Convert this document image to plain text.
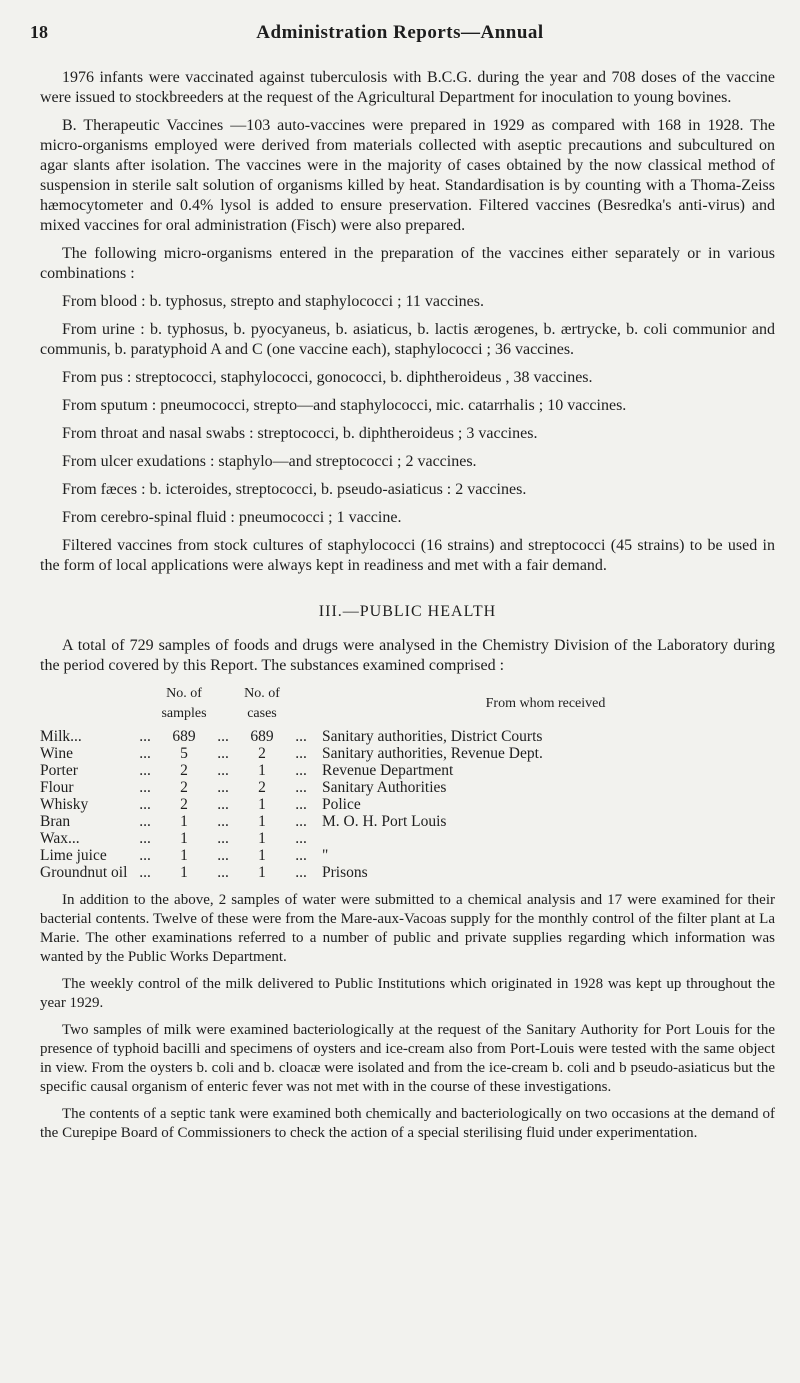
18	Administration Reports—Annual

1976 infants were vaccinated against tuberculosis with B.C.G. during the year and 708 doses of the vaccine were issued to stockbreeders at the request of the Agricultural Department for inoculation to young bovines.

B. Therapeutic Vaccines —103 auto-vaccines were prepared in 1929 as compared with 168 in 1928. The micro-organisms employed were derived from materials collected with aseptic precautions and subcultured on agar slants after isolation. The vaccines were in the majority of cases obtained by the now classical method of suspension in sterile salt solution of organisms killed by heat. Standardisation is by counting with a Thoma-Zeiss hæmocytometer and 0.4% lysol is added to ensure preservation. Filtered vaccines (Besredka's anti-virus) and mixed vaccines for oral administration (Fisch) were also prepared.

The following micro-organisms entered in the preparation of the vaccines either separately or in various combinations :

From blood : b. typhosus, strepto and staphylococci ; 11 vaccines.

From urine : b. typhosus, b. pyocyaneus, b. asiaticus, b. lactis ærogenes, b. ærtrycke, b. coli communior and communis, b. paratyphoid A and C (one vaccine each), staphylococci ; 36 vaccines.

From pus : streptococci, staphylococci, gonococci, b. diphtheroideus , 38 vaccines.

From sputum : pneumococci, strepto—and staphylococci, mic. catarrhalis ; 10 vaccines.

From throat and nasal swabs : streptococci, b. diphtheroideus ; 3 vaccines.

From ulcer exudations : staphylo—and streptococci ; 2 vaccines.

From fæces : b. icteroides, streptococci, b. pseudo-asiaticus : 2 vaccines.

From cerebro-spinal fluid : pneumococci ; 1 vaccine.

Filtered vaccines from stock cultures of staphylococci (16 strains) and streptococci (45 strains) to be used in the form of local applications were always kept in readiness and met with a fair demand.

III.—PUBLIC HEALTH

A total of 729 samples of foods and drugs were analysed in the Chemistry Division of the Laboratory during the period covered by this Report. The substances examined comprised :

		No. of samples		No. of cases		From whom received
Milk...	...	689	...	689	...	Sanitary authorities, District Courts
Wine	...	5	...	2	...	Sanitary authorities, Revenue Dept.
Porter	...	2	...	1	...	Revenue Department
Flour	...	2	...	2	...	Sanitary Authorities
Whisky	...	2	...	1	...	Police
Bran	...	1	...	1	...	M. O. H. Port Louis
Wax...	...	1	...	1	...	
Lime juice	...	1	...	1	...	"
Groundnut oil	...	1	...	1	...	Prisons

In addition to the above, 2 samples of water were submitted to a chemical analysis and 17 were examined for their bacterial contents. Twelve of these were from the Mare-aux-Vacoas supply for the monthly control of the filter plant at La Marie. The other examinations referred to a number of public and private supplies regarding which information was wanted by the Public Works Department.

The weekly control of the milk delivered to Public Institutions which originated in 1928 was kept up throughout the year 1929.

Two samples of milk were examined bacteriologically at the request of the Sanitary Authority for Port Louis for the presence of typhoid bacilli and specimens of oysters and ice-cream also from Port-Louis were tested with the same object in view. From the oysters b. coli and b. cloacæ were isolated and from the ice-cream b. coli and b pseudo-asiaticus but the specific causal organism of enteric fever was not met with in the course of these investigations.

The contents of a septic tank were examined both chemically and bacteriologically on two occasions at the demand of the Curepipe Board of Commissioners to check the action of a special sterilising fluid under experimentation.
